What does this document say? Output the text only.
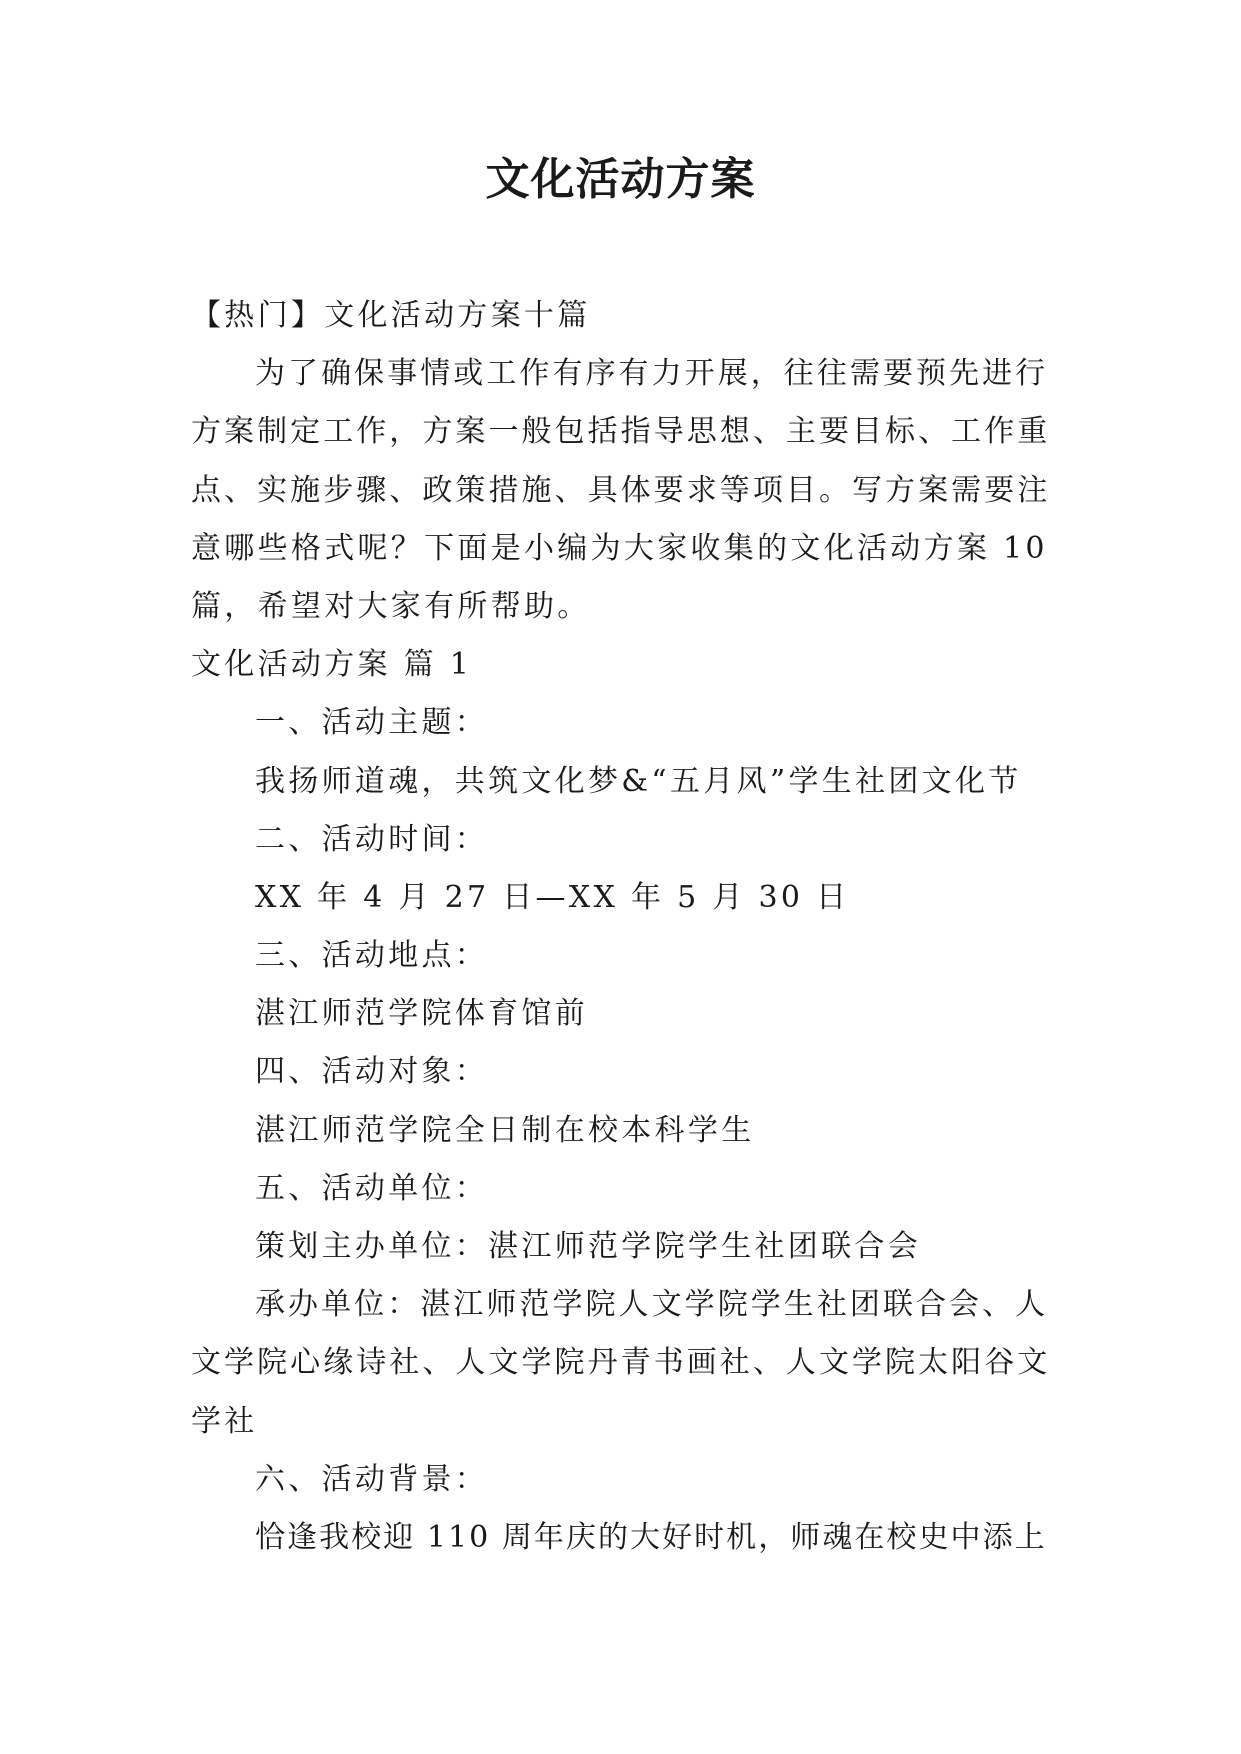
文化活动方案
【热门】文化活动方案十篇
为了确保事情或工作有序有力开展，往往需要预先进行
方案制定工作，方案一般包括指导思想、主要目标、工作重
点、实施步骤、政策措施、具体要求等项目。写方案需要注
意哪些格式呢？下面是小编为大家收集的文化活动方案 10
篇，希望对大家有所帮助。
文化活动方案 篇 1
一、活动主题：
我扬师道魂，共筑文化梦&“五月风”学生社团文化节
二、活动时间：
XX 年 4 月 27 日—XX 年 5 月 30 日
三、活动地点：
湛江师范学院体育馆前
四、活动对象：
湛江师范学院全日制在校本科学生
五、活动单位：
策划主办单位：湛江师范学院学生社团联合会
承办单位：湛江师范学院人文学院学生社团联合会、人
文学院心缘诗社、人文学院丹青书画社、人文学院太阳谷文
学社
六、活动背景：
恰逢我校迎 110 周年庆的大好时机，师魂在校史中添上
